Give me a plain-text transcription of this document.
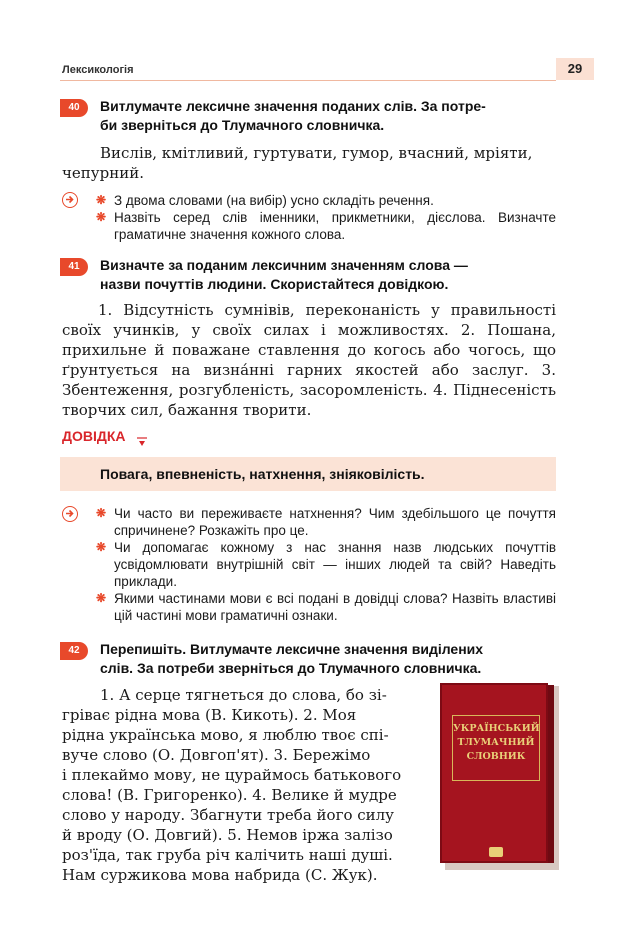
Лексикологія	29
40	Витлумачте лексичне значення поданих слів. За потре-
би зверніться до Тлумачного словничка.
Вислів, кмітливий, гуртувати, гумор, вчасний, мріяти,
чепурний.
❋ З двома словами (на вибір) усно складіть речення.
❋ Назвіть серед слів іменники, прикметники, дієслова. Визначте граматичне значення кожного слова.
41	Визначте за поданим лексичним значенням слова —
назви почуттів людини. Скористайтеся довідкою.
1. Відсутність сумнівів, переконаність у правильності своїх учинків, у своїх силах і можливостях. 2. Пошана, прихильне й поважане ставлення до когось або чогось, що ґрунтується на визна́нні гарних якостей або заслуг. 3. Збентеження, розгубленість, засоромленість. 4. Піднесеність творчих сил, бажання творити.
ДОВІДКА
Повага, впевненість, натхнення, зніяковілість.
❋ Чи часто ви переживаєте натхнення? Чим здебільшого це почуття спричинене? Розкажіть про це.
❋ Чи допомагає кожному з нас знання назв людських почуттів усвідомлювати внутрішній світ — інших людей та свій? Наведіть приклади.
❋ Якими частинами мови є всі подані в довідці слова? Назвіть властиві цій частині мови граматичні ознаки.
42	Перепишіть. Витлумачте лексичне значення виділених
слів. За потреби зверніться до Тлумачного словничка.
1. А серце тягнеться до слова, бо зі-
грiває рідна мова (В. Кикоть). 2. Моя
рідна українська мово, я люблю твоє спі-
вуче слово (О. Довгоп'ят). 3. Бережімо
і плекаймо мову, не цураймось батькового
слова! (В. Григоренко). 4. Велике й мудре
слово у народу. Збагнути треба його силу
й вроду (О. Довгий). 5. Немов іржа залізо
роз'їда, так груба річ калічить наші душі.
Нам суржикова мова набрида (С. Жук).
УКРАЇНСЬКИЙ
ТЛУМАЧНИЙ
СЛОВНИК
